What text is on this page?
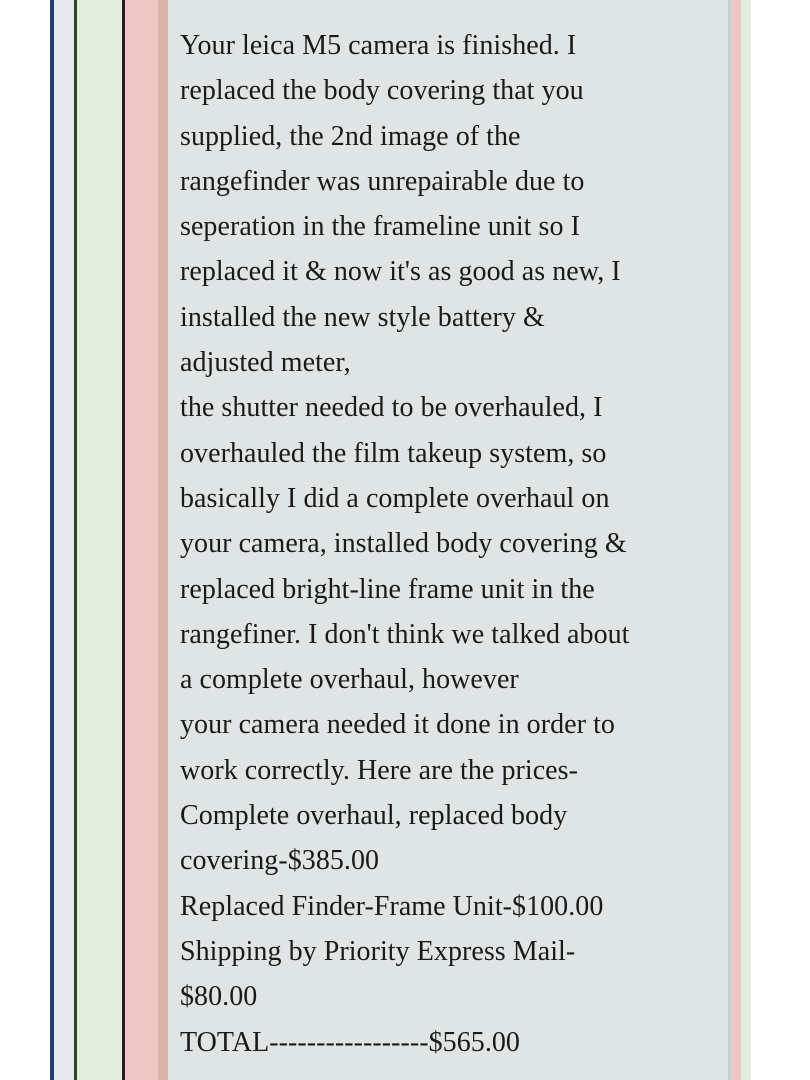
Your leica M5 camera is finished. I
replaced the body covering that you
supplied, the 2nd image of the
rangefinder was unrepairable due to
seperation in the frameline unit so I
replaced it & now it's as good as new, I
installed the new style battery &
adjusted meter,
the shutter needed to be overhauled, I
overhauled the film takeup system, so
basically I did a complete overhaul on
your camera, installed body covering &
replaced bright-line frame unit in the
rangefiner. I don't think we talked about
a complete overhaul, however
your camera needed it done in order to
work correctly. Here are the prices-
Complete overhaul, replaced body
covering-$385.00
Replaced Finder-Frame Unit-$100.00
Shipping by Priority Express Mail-
$80.00
TOTAL-----------------$565.00
